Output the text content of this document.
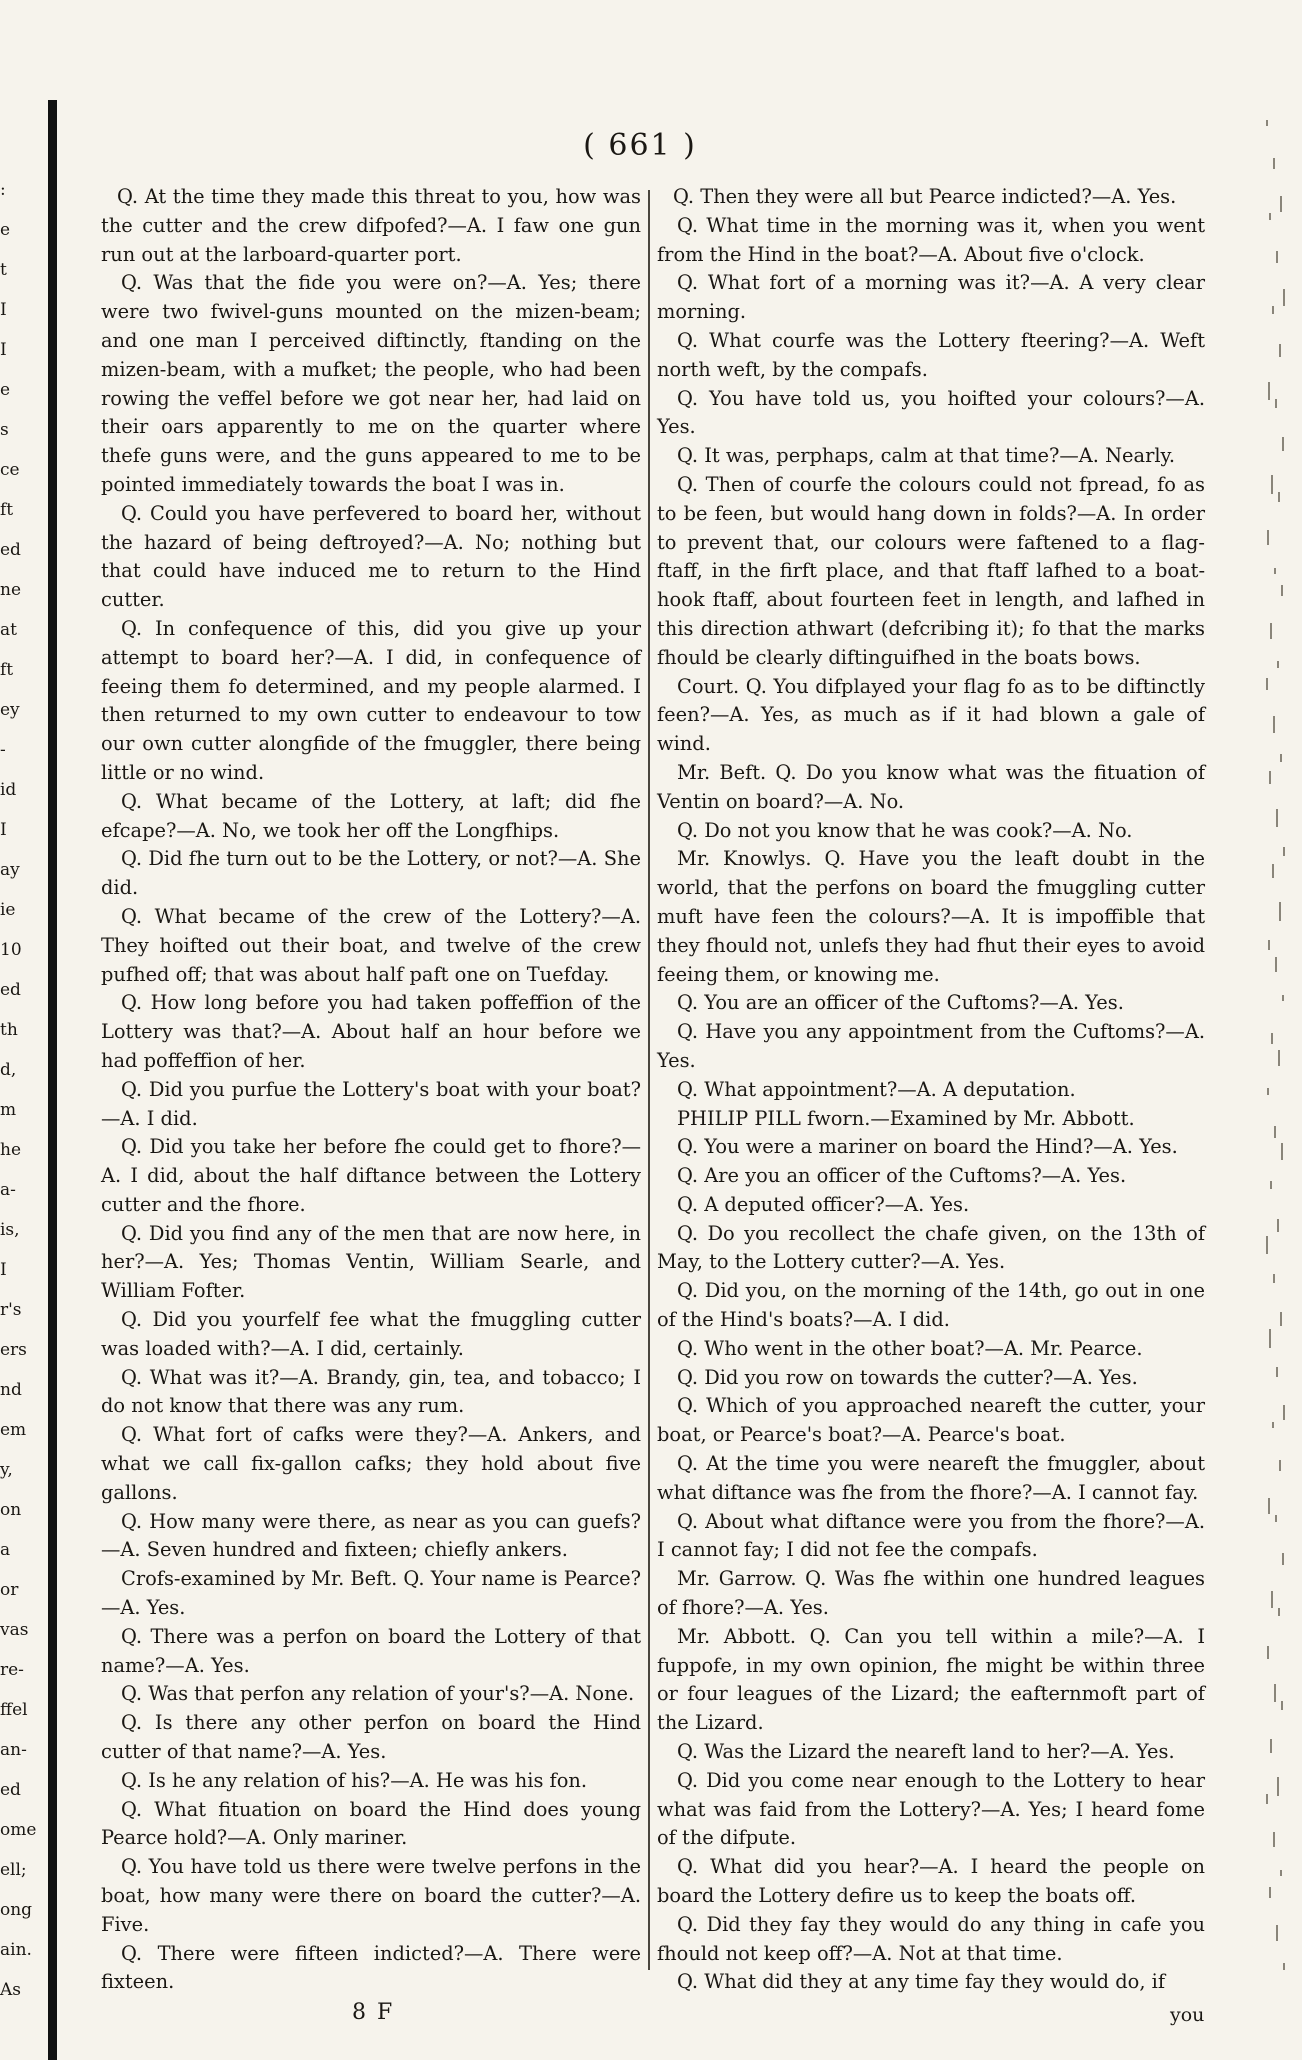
:
e
t
I
I
e
s
ce
ft
ed
ne
at
ft
ey
-
id
I
ay
ie
10
ed
th
d,
m
he
a-
is,
I
r's
ers
nd
em
y,
on
a
or
vas
re-
ffel
an-
ed
ome
ell;
ong
ain.
As
( 661 )

Q. At the time they made this threat to you, how was the cutter and the crew difpofed?—A. I faw one gun run out at the larboard-quarter port.

Q. Was that the fide you were on?—A. Yes; there were two fwivel-guns mounted on the mizen-beam; and one man I perceived diftinctly, ftanding on the mizen-beam, with a mufket; the people, who had been rowing the veffel before we got near her, had laid on their oars apparently to me on the quarter where thefe guns were, and the guns appeared to me to be pointed immediately towards the boat I was in.

Q. Could you have perfevered to board her, without the hazard of being deftroyed?—A. No; nothing but that could have induced me to return to the Hind cutter.

Q. In confequence of this, did you give up your attempt to board her?—A. I did, in confequence of feeing them fo determined, and my people alarmed. I then returned to my own cutter to endeavour to tow our own cutter alongfide of the fmuggler, there being little or no wind.

Q. What became of the Lottery, at laft; did fhe efcape?—A. No, we took her off the Longfhips.

Q. Did fhe turn out to be the Lottery, or not?—A. She did.

Q. What became of the crew of the Lottery?—A. They hoifted out their boat, and twelve of the crew pufhed off; that was about half paft one on Tuefday.

Q. How long before you had taken poffeffion of the Lottery was that?—A. About half an hour before we had poffeffion of her.

Q. Did you purfue the Lottery's boat with your boat?—A. I did.

Q. Did you take her before fhe could get to fhore?—A. I did, about the half diftance between the Lottery cutter and the fhore.

Q. Did you find any of the men that are now here, in her?—A. Yes; Thomas Ventin, William Searle, and William Fofter.

Q. Did you yourfelf fee what the fmuggling cutter was loaded with?—A. I did, certainly.

Q. What was it?—A. Brandy, gin, tea, and tobacco; I do not know that there was any rum.

Q. What fort of cafks were they?—A. Ankers, and what we call fix-gallon cafks; they hold about five gallons.

Q. How many were there, as near as you can guefs?—A. Seven hundred and fixteen; chiefly ankers.

Crofs-examined by Mr. Beft. Q. Your name is Pearce?—A. Yes.

Q. There was a perfon on board the Lottery of that name?—A. Yes.

Q. Was that perfon any relation of your's?—A. None.

Q. Is there any other perfon on board the Hind cutter of that name?—A. Yes.

Q. Is he any relation of his?—A. He was his fon.

Q. What fituation on board the Hind does young Pearce hold?—A. Only mariner.

Q. You have told us there were twelve perfons in the boat, how many were there on board the cutter?—A. Five.

Q. There were fifteen indicted?—A. There were fixteen.

Q. Then they were all but Pearce indicted?—A. Yes.

Q. What time in the morning was it, when you went from the Hind in the boat?—A. About five o'clock.

Q. What fort of a morning was it?—A. A very clear morning.

Q. What courfe was the Lottery fteering?—A. Weft north weft, by the compafs.

Q. You have told us, you hoifted your colours?—A. Yes.

Q. It was, perphaps, calm at that time?—A. Nearly.

Q. Then of courfe the colours could not fpread, fo as to be feen, but would hang down in folds?—A. In order to prevent that, our colours were faftened to a flag-ftaff, in the firft place, and that ftaff lafhed to a boat-hook ftaff, about fourteen feet in length, and lafhed in this direction athwart (defcribing it); fo that the marks fhould be clearly diftinguifhed in the boats bows.

Court. Q. You difplayed your flag fo as to be diftinctly feen?—A. Yes, as much as if it had blown a gale of wind.

Mr. Beft. Q. Do you know what was the fituation of Ventin on board?—A. No.

Q. Do not you know that he was cook?—A. No.

Mr. Knowlys. Q. Have you the leaft doubt in the world, that the perfons on board the fmuggling cutter muft have feen the colours?—A. It is impoffible that they fhould not, unlefs they had fhut their eyes to avoid feeing them, or knowing me.

Q. You are an officer of the Cuftoms?—A. Yes.

Q. Have you any appointment from the Cuftoms?—A. Yes.

Q. What appointment?—A. A deputation.

PHILIP PILL fworn.—Examined by Mr. Abbott.

Q. You were a mariner on board the Hind?—A. Yes.

Q. Are you an officer of the Cuftoms?—A. Yes.

Q. A deputed officer?—A. Yes.

Q. Do you recollect the chafe given, on the 13th of May, to the Lottery cutter?—A. Yes.

Q. Did you, on the morning of the 14th, go out in one of the Hind's boats?—A. I did.

Q. Who went in the other boat?—A. Mr. Pearce.

Q. Did you row on towards the cutter?—A. Yes.

Q. Which of you approached neareft the cutter, your boat, or Pearce's boat?—A. Pearce's boat.

Q. At the time you were neareft the fmuggler, about what diftance was fhe from the fhore?—A. I cannot fay.

Q. About what diftance were you from the fhore?—A. I cannot fay; I did not fee the compafs.

Mr. Garrow. Q. Was fhe within one hundred leagues of fhore?—A. Yes.

Mr. Abbott. Q. Can you tell within a mile?—A. I fuppofe, in my own opinion, fhe might be within three or four leagues of the Lizard; the eafternmoft part of the Lizard.

Q. Was the Lizard the neareft land to her?—A. Yes.

Q. Did you come near enough to the Lottery to hear what was faid from the Lottery?—A. Yes; I heard fome of the difpute.

Q. What did you hear?—A. I heard the people on board the Lottery defire us to keep the boats off.

Q. Did they fay they would do any thing in cafe you fhould not keep off?—A. Not at that time.

Q. What did they at any time fay they would do, if

8 F	you
